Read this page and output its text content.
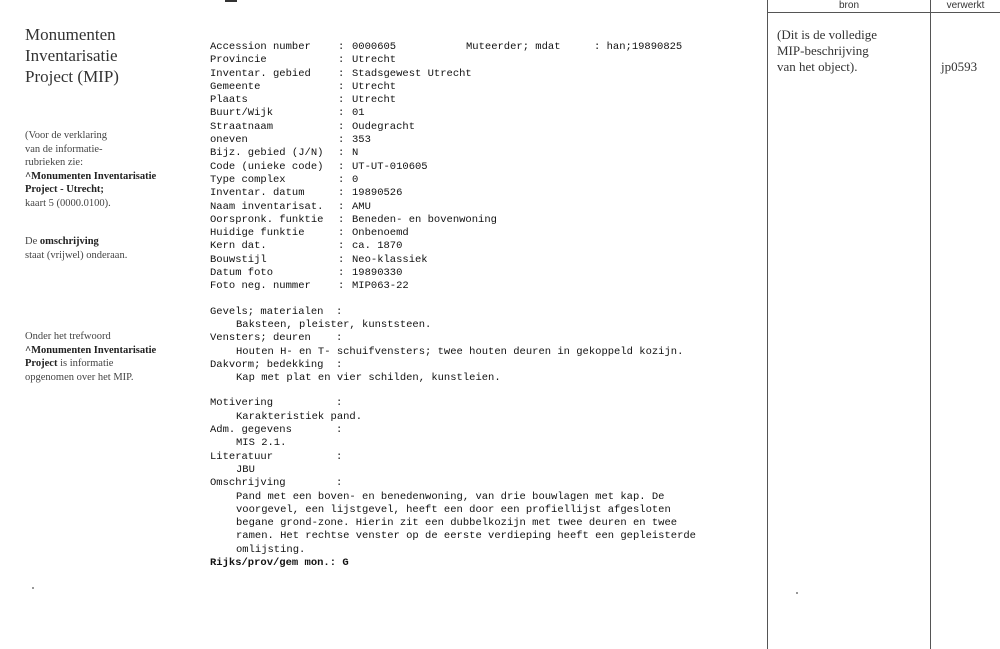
Monumenten
Inventarisatie
Project (MIP)
(Voor de verklaring
van de informatie-
rubrieken zie:
^Monumenten Inventarisatie
Project - Utrecht;
kaart 5 (0000.0100).
De omschrijving
staat (vrijwel) onderaan.
Onder het trefwoord
^Monumenten Inventarisatie
Project is informatie
opgenomen over het MIP.
Muteerder; mdat	: han;19890825
Accession number	: 0000605
Provincie	: Utrecht
Inventar. gebied	: Stadsgewest Utrecht
Gemeente	: Utrecht
Plaats	: Utrecht
Buurt/Wijk	: 01
Straatnaam	: Oudegracht
oneven	: 353
Bijz. gebied (J/N)	: N
Code (unieke code)	: UT-UT-010605
Type complex	: 0
Inventar. datum	: 19890526
Naam inventarisat.	: AMU
Oorspronk. funktie	: Beneden- en bovenwoning
Huidige funktie	: Onbenoemd
Kern dat.	: ca. 1870
Bouwstijl	: Neo-klassiek
Datum foto	: 19890330
Foto neg. nummer	: MIP063-22
Gevels; materialen  :
Baksteen, pleister, kunststeen.
Vensters; deuren    :
Houten H- en T- schuifvensters; twee houten deuren in gekoppeld kozijn.
Dakvorm; bedekking  :
Kap met plat en vier schilden, kunstleien.
Motivering          :
Karakteristiek pand.
Adm. gegevens       :
MIS 2.1.
Literatuur          :
JBU
Omschrijving        :
Pand met een boven- en benedenwoning, van drie bouwlagen met kap. De
voorgevel, een lijstgevel, heeft een door een profiellijst afgesloten
begane grond-zone. Hierin zit een dubbelkozijn met twee deuren en twee
ramen. Het rechtse venster op de eerste verdieping heeft een gepleisterde
omlijsting.
Rijks/prov/gem mon.: G
bron	verwerkt
(Dit is de volledige
MIP-beschrijving
van het object).	jp0593
